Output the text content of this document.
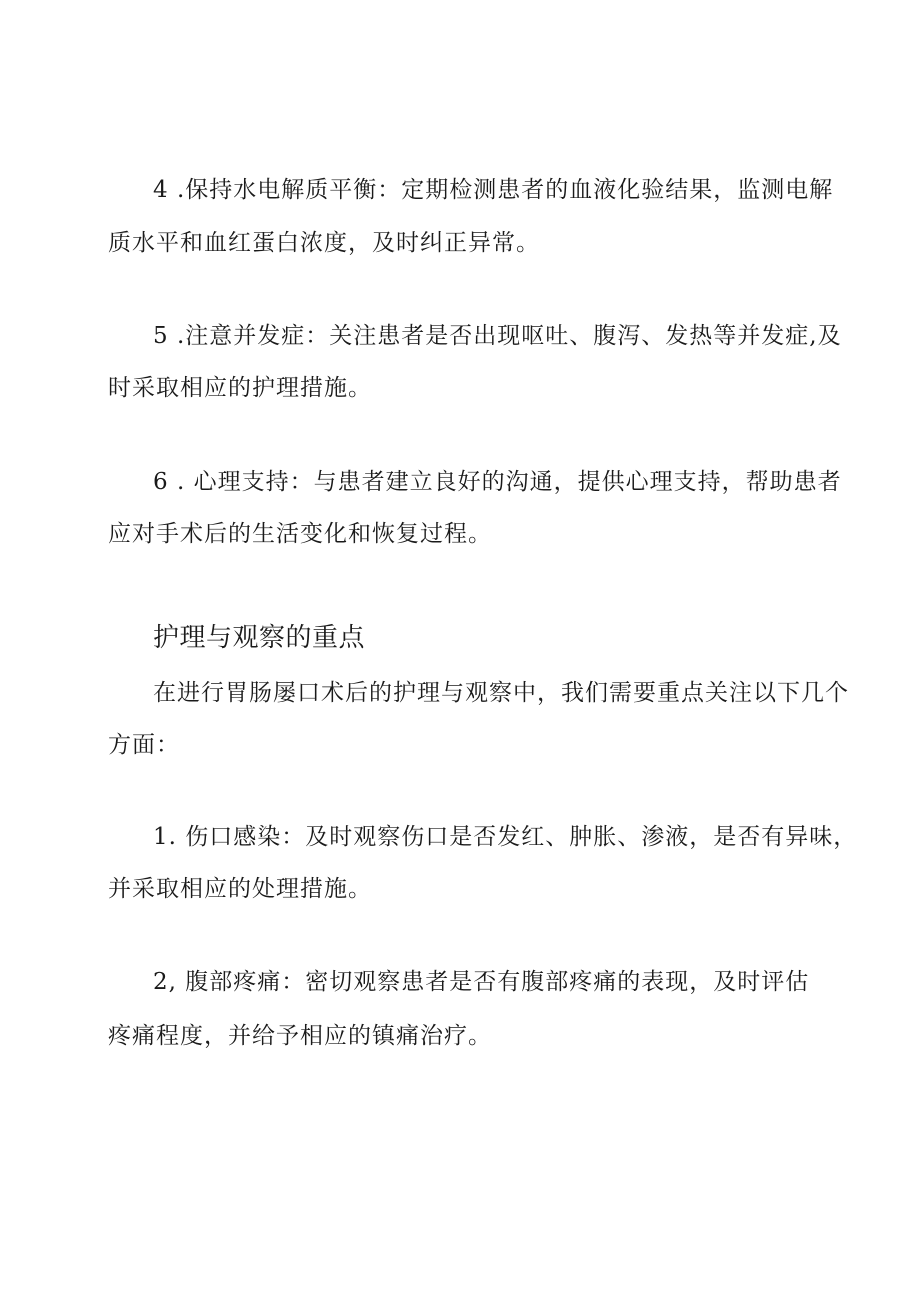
4 .保持水电解质平衡：定期检测患者的血液化验结果，监测电解
质水平和血红蛋白浓度，及时纠正异常。
5 .注意并发症：关注患者是否出现呕吐、腹泻、发热等并发症,及
时采取相应的护理措施。
6 . 心理支持：与患者建立良好的沟通，提供心理支持，帮助患者
应对手术后的生活变化和恢复过程。
护理与观察的重点
在进行胃肠屡口术后的护理与观察中，我们需要重点关注以下几个
方面：
1. 伤口感染：及时观察伤口是否发红、肿胀、渗液，是否有异味，
并采取相应的处理措施。
2, 腹部疼痛：密切观察患者是否有腹部疼痛的表现，及时评估
疼痛程度，并给予相应的镇痛治疗。
